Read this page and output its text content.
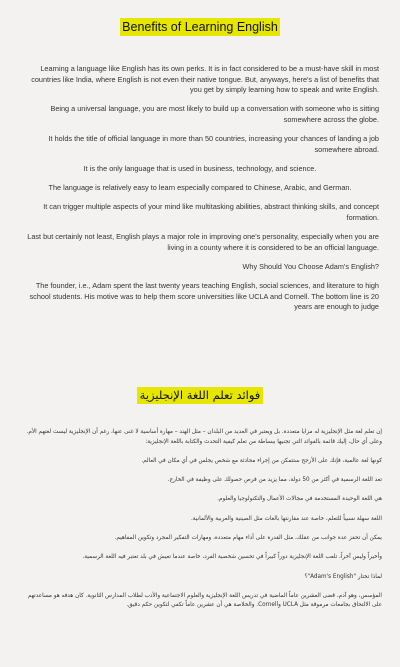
Benefits of Learning English

Learning a language like English has its own perks. It is in fact considered to be a must-have skill in most countries like India, where English is not even their native tongue. But, anyways, here's a list of benefits that you get by simply learning how to speak and write English.

Being a universal language, you are most likely to build up a conversation with someone who is sitting somewhere across the globe.

It holds the title of official language in more than 50 countries, increasing your chances of landing a job somewhere abroad.

It is the only language that is used in business, technology, and science.

The language is relatively easy to learn especially compared to Chinese, Arabic, and German.

It can trigger multiple aspects of your mind like multitasking abilities, abstract thinking skills, and concept formation.

Last but certainly not least, English plays a major role in improving one's personality, especially when you are living in a county where it is considered to be an official language.

Why Should You Choose Adam's English?

The founder, i.e., Adam spent the last twenty years teaching English, social sciences, and literature to high school students. His motive was to help them score universities like UCLA and Cornell. The bottom line is 20 years are enough to judge

فوائد تعلم اللغة الإنجليزية

إن تعلم لغة مثل الإنجليزية له مزايا متعددة. بل ويعتبر في العديد من البلدان – مثل الهند – مهارة أساسية لا غنى عنها، رغم أن الإنجليزية ليست لغتهم الأم. وعلى أي حال، إليك قائمة بالفوائد التي تجنيها ببساطة من تعلم كيفية التحدث والكتابة باللغة الإنجليزية:

كونها لغة عالمية، فإنك على الأرجح ستتمكن من إجراء محادثة مع شخص يجلس في أي مكان في العالم.

تعد اللغة الرسمية في أكثر من 50 دولة، مما يزيد من فرص حصولك على وظيفة في الخارج.

هي اللغة الوحيدة المستخدمة في مجالات الأعمال والتكنولوجيا والعلوم.

اللغة سهلة نسبياً للتعلم، خاصة عند مقارنتها بالغات مثل الصينية والعربية والألمانية.

يمكن أن تحفز عدة جوانب من عقلك، مثل القدرة على أداء مهام متعددة، ومهارات التفكير المجرد وتكوين المفاهيم.

وأخيراً وليس آخراً، تلعب اللغة الإنجليزية دوراً كبيراً في تحسين شخصية الفرد، خاصة عندما تعيش في بلد تعتبر فيه اللغة الرسمية.

لماذا تختار "Adam's English"؟

المؤسس، وهو آدم، قضى العشرين عاماً الماضية في تدريس اللغة الإنجليزية والعلوم الاجتماعية والأدب لطلاب المدارس الثانوية. كان هدفه هو مساعدتهم على الالتحاق بجامعات مرموقة مثل UCLA وCornell. والخلاصة هي أن عشرين عاماً تكفي لتكوين حكم دقيق.
